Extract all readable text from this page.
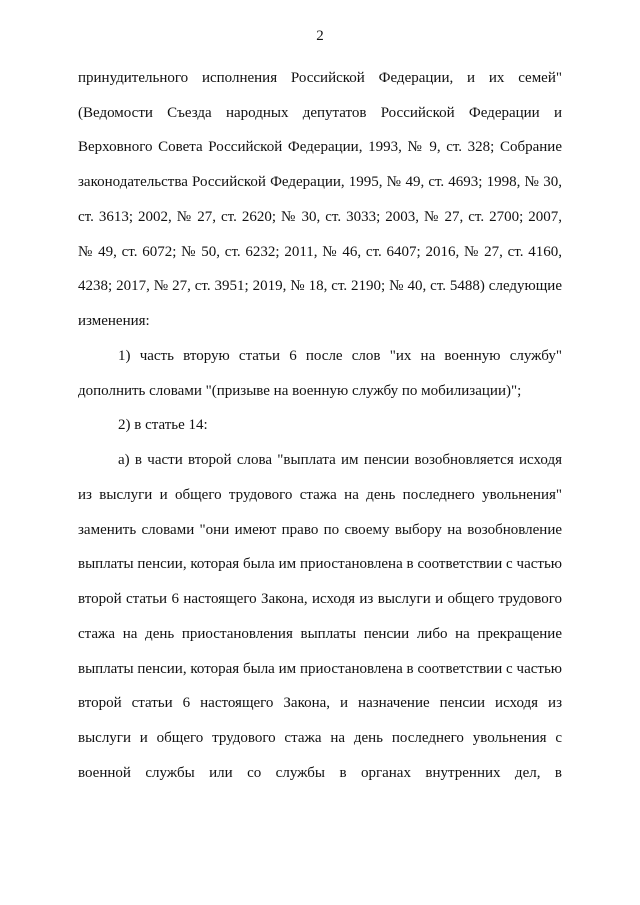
2
принудительного исполнения Российской Федерации, и их семей"
(Ведомости Съезда народных депутатов Российской Федерации и
Верховного Совета Российской Федерации, 1993, № 9, ст. 328; Собрание
законодательства Российской Федерации, 1995, № 49, ст. 4693; 1998, № 30,
ст. 3613; 2002, № 27, ст. 2620; № 30, ст. 3033; 2003, № 27, ст. 2700; 2007,
№ 49, ст. 6072; № 50, ст. 6232; 2011, № 46, ст. 6407; 2016, № 27, ст. 4160,
4238; 2017, № 27, ст. 3951; 2019, № 18, ст. 2190; № 40, ст. 5488) следующие
изменения:
1) часть вторую статьи 6 после слов "их на военную службу"
дополнить словами "(призыве на военную службу по мобилизации)";
2) в статье 14:
а) в части второй слова "выплата им пенсии возобновляется исходя
из выслуги и общего трудового стажа на день последнего увольнения"
заменить словами "они имеют право по своему выбору на возобновление
выплаты пенсии, которая была им приостановлена в соответствии с частью
второй статьи 6 настоящего Закона, исходя из выслуги и общего трудового
стажа на день приостановления выплаты пенсии либо на прекращение
выплаты пенсии, которая была им приостановлена в соответствии с частью
второй статьи 6 настоящего Закона, и назначение пенсии исходя из
выслуги и общего трудового стажа на день последнего увольнения с
военной службы или со службы в органах внутренних дел, в
